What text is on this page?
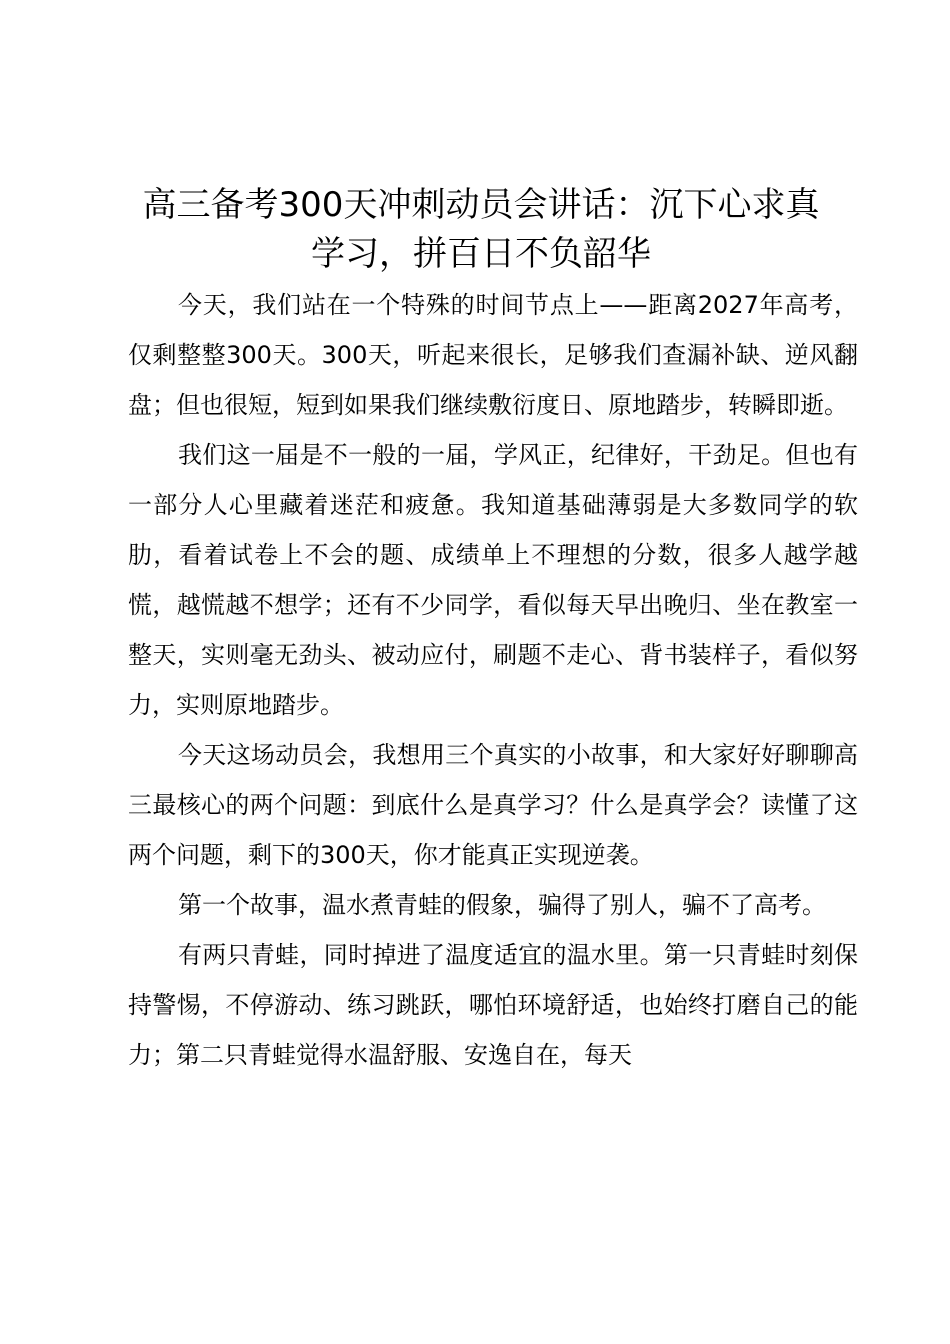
高三备考300天冲刺动员会讲话：沉下心求真学习，拼百日不负韶华

今天，我们站在一个特殊的时间节点上——距离2027年高考，仅剩整整300天。300天，听起来很长，足够我们查漏补缺、逆风翻盘；但也很短，短到如果我们继续敷衍度日、原地踏步，转瞬即逝。

我们这一届是不一般的一届，学风正，纪律好，干劲足。但也有一部分人心里藏着迷茫和疲惫。我知道基础薄弱是大多数同学的软肋，看着试卷上不会的题、成绩单上不理想的分数，很多人越学越慌，越慌越不想学；还有不少同学，看似每天早出晚归、坐在教室一整天，实则毫无劲头、被动应付，刷题不走心、背书装样子，看似努力，实则原地踏步。

今天这场动员会，我想用三个真实的小故事，和大家好好聊聊高三最核心的两个问题：到底什么是真学习？什么是真学会？读懂了这两个问题，剩下的300天，你才能真正实现逆袭。

第一个故事，温水煮青蛙的假象，骗得了别人，骗不了高考。

有两只青蛙，同时掉进了温度适宜的温水里。第一只青蛙时刻保持警惕，不停游动、练习跳跃，哪怕环境舒适，也始终打磨自己的能力；第二只青蛙觉得水温舒服、安逸自在，每天
